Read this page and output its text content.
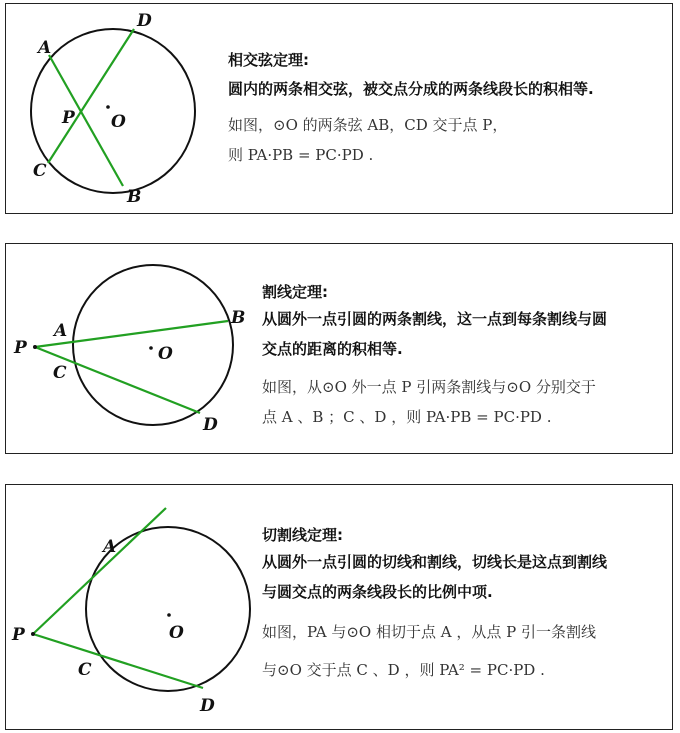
A
D
P O
C
B
相交弦定理:
圆内的两条相交弦，被交点分成的两条线段长的积相等.
如图，⊙O 的两条弦 AB，CD 交于点 P，
则 PA·PB = PC·PD .
P
A
C
B
O
D
割线定理:
从圆外一点引圆的两条割线，这一点到每条割线与圆
交点的距离的积相等.
如图，从⊙O 外一点 P 引两条割线与⊙O 分别交于
点 A 、B ；C 、D ，则 PA·PB = PC·PD .
P
A
C
O
D
切割线定理:
从圆外一点引圆的切线和割线，切线长是这点到割线
与圆交点的两条线段长的比例中项.
如图，PA 与⊙O 相切于点 A ，从点 P 引一条割线
与⊙O 交于点 C 、D ，则 PA² = PC·PD .
